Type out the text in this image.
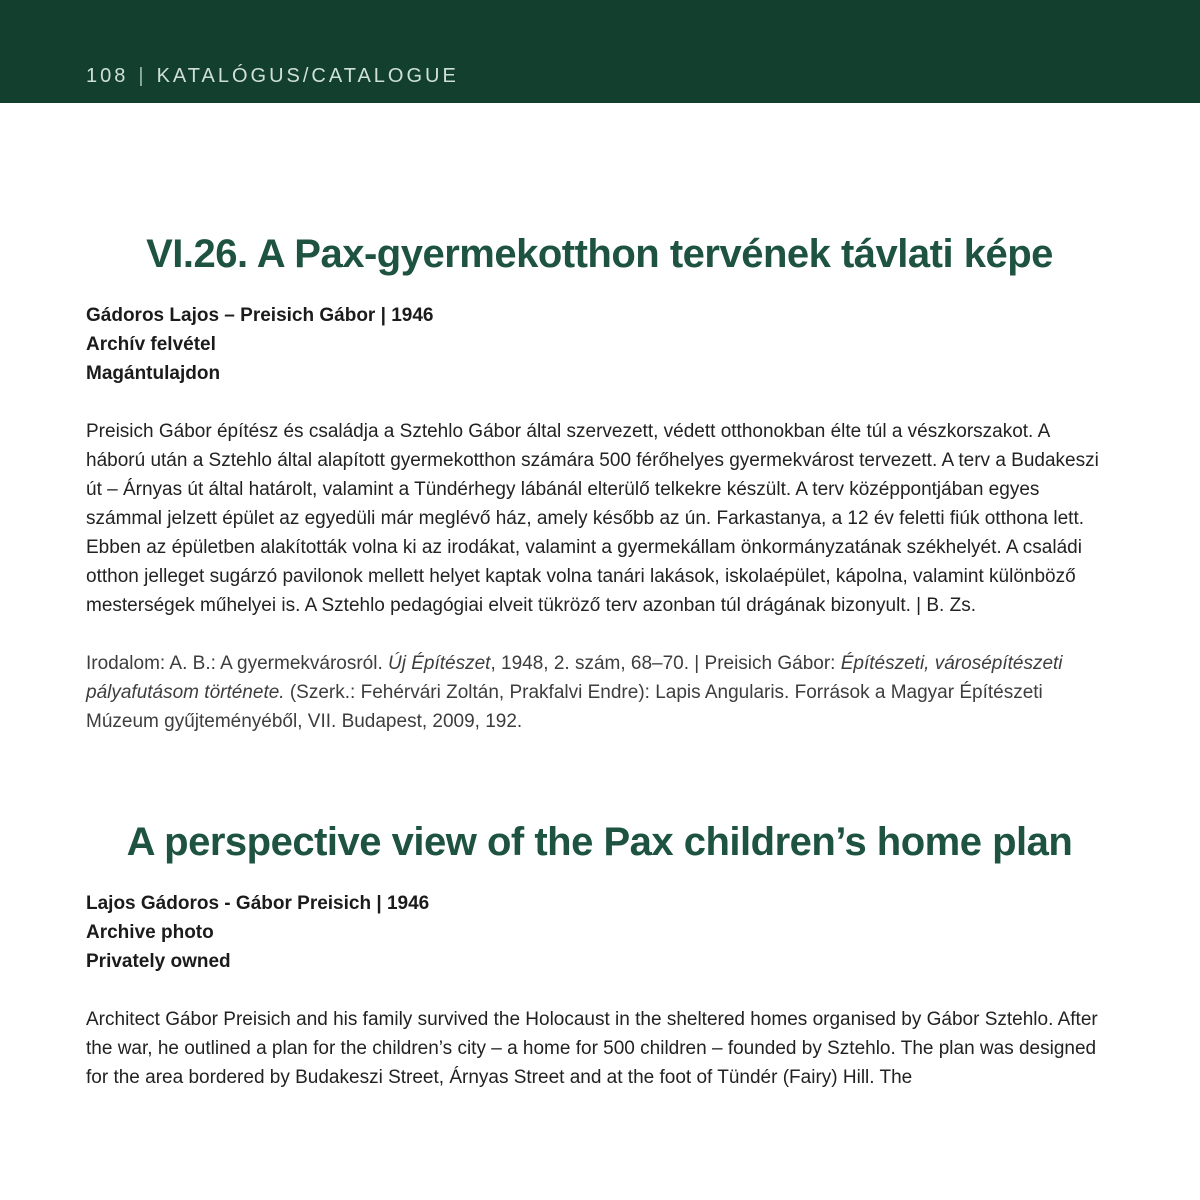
108 | KATALÓGUS/CATALOGUE
VI.26. A Pax-gyermekotthon tervének távlati képe
Gádoros Lajos – Preisich Gábor | 1946
Archív felvétel
Magántulajdon

Preisich Gábor építész és családja a Sztehlo Gábor által szervezett, védett otthonokban élte túl a vészkorszakot. A háború után a Sztehlo által alapított gyermekotthon számára 500 férőhelyes gyermekvárost tervezett. A terv a Budakeszi út – Árnyas út által határolt, valamint a Tündérhegy lábánál elterülő telkekre készült. A terv középpontjában egyes számmal jelzett épület az egyedüli már meglévő ház, amely később az ún. Farkastanya, a 12 év feletti fiúk otthona lett. Ebben az épületben alakították volna ki az irodákat, valamint a gyermekállam önkormányzatának székhelyét. A családi otthon jelleget sugárzó pavilonok mellett helyet kaptak volna tanári lakások, iskolaépület, kápolna, valamint különböző mesterségek műhelyei is. A Sztehlo pedagógiai elveit tükröző terv azonban túl drágának bizonyult. | B. Zs.

Irodalom: A. B.: A gyermekvárosról. Új Építészet, 1948, 2. szám, 68–70. | Preisich Gábor: Építészeti, városépítészeti pályafutásom története. (Szerk.: Fehérvári Zoltán, Prakfalvi Endre): Lapis Angularis. Források a Magyar Építészeti Múzeum gyűjteményéből, VII. Budapest, 2009, 192.

A perspective view of the Pax children’s home plan
Lajos Gádoros - Gábor Preisich | 1946
Archive photo
Privately owned

Architect Gábor Preisich and his family survived the Holocaust in the sheltered homes organised by Gábor Sztehlo. After the war, he outlined a plan for the children’s city – a home for 500 children – founded by Sztehlo. The plan was designed for the area bordered by Budakeszi Street, Árnyas Street and at the foot of Tündér (Fairy) Hill. The
